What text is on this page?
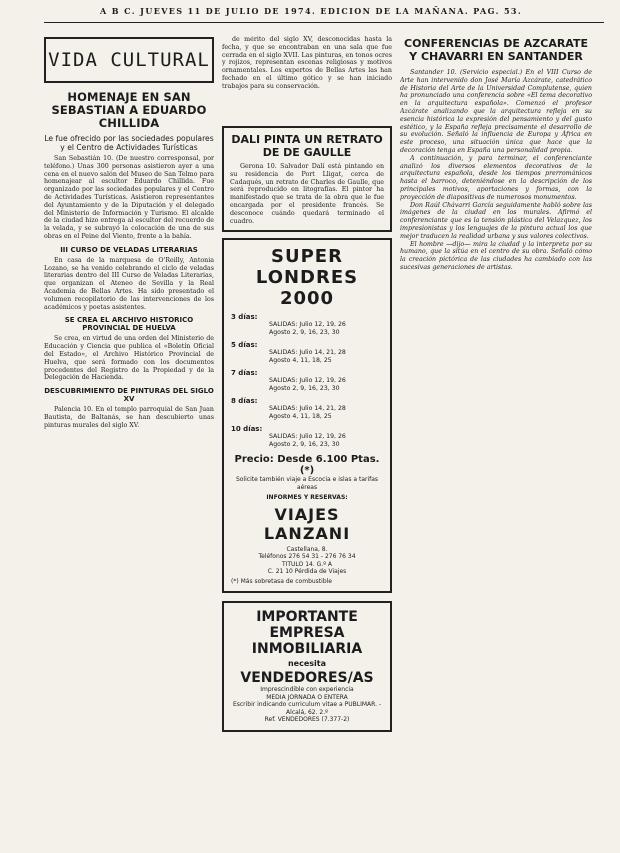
A B C. JUEVES 11 DE JULIO DE 1974. EDICION DE LA MAÑANA. PAG. 53.
VIDA CULTURAL
HOMENAJE EN SAN SEBASTIAN A EDUARDO CHILLIDA
Le fue ofrecido por las sociedades populares y el Centro de Actividades Turísticas

San Sebastián 10. (De nuestro corresponsal, por teléfono.) Unas 300 personas asistieron ayer a una cena en el nuevo salón del Museo de San Telmo para homenajear al escultor Eduardo Chillida. Fue organizado por las sociedades populares y el Centro de Actividades Turísticas. Asistieron representantes del Ayuntamiento y de la Diputación y el delegado del Ministerio de Información y Turismo. El alcalde de la ciudad hizo entrega al escultor del recuerdo de la velada, y se subrayó la colocación de una de sus obras en el Peine del Viento, frente a la bahía.

III CURSO DE VELADAS LITERARIAS

En casa de la marquesa de O'Reilly, Antonia Lozano, se ha venido celebrando el ciclo de veladas literarias dentro del III Curso de Veladas Literarias, que organizan el Ateneo de Sevilla y la Real Academia de Bellas Artes. Ha sido presentado el volumen recopilatorio de las intervenciones de los académicos y poetas asistentes.

SE CREA EL ARCHIVO HISTORICO PROVINCIAL DE HUELVA

Se crea, en virtud de una orden del Ministerio de Educación y Ciencia que publica el «Boletín Oficial del Estado», el Archivo Histórico Provincial de Huelva, que será formado con los documentos procedentes del Registro de la Propiedad y de la Delegación de Hacienda.

DESCUBRIMIENTO DE PINTURAS DEL SIGLO XV

Palencia 10. En el templo parroquial de San Juan Bautista, de Baltanás, se han descubierto unas pinturas murales del siglo XV.

de mérito del siglo XV, desconocidas hasta la fecha, y que se encontraban en una sala que fue cerrada en el siglo XVII. Las pinturas, en tonos ocres y rojizos, representan escenas religiosas y motivos ornamentales. Los expertos de Bellas Artes las han fechado en el último gótico y se han iniciado trabajos para su conservación.

DALI PINTA UN RETRATO DE DE GAULLE

Gerona 10. Salvador Dalí está pintando en su residencia de Port Lligat, cerca de Cadaqués, un retrato de Charles de Gaulle, que será reproducido en litografías. El pintor ha manifestado que se trata de la obra que le fue encargada por el presidente francés. Se desconoce cuándo quedará terminado el cuadro.

SUPER LONDRES
2000
3 días:
SALIDAS: Julio 12, 19, 26
Agosto 2, 9, 16, 23, 30
5 días:
SALIDAS: Julio 14, 21, 28
Agosto 4, 11, 18, 25
7 días:
SALIDAS: Julio 12, 19, 26
Agosto 2, 9, 16, 23, 30
8 días:
SALIDAS: Julio 14, 21, 28
Agosto 4, 11, 18, 25
10 días:
SALIDAS: Julio 12, 19, 26
Agosto 2, 9, 16, 23, 30
Precio: Desde 6.100 Ptas. (*)
Solicite también viaje a Escocia e islas a tarifas aéreas
INFORMES Y RESERVAS:
VIAJES LANZANI
Castellana, 8.
Teléfonos 276 54 31 - 276 76 34
TITULO 14. G.º A
C. 21 10 Pérdida de Viajes
(*) Más sobretasa de combustible
IMPORTANTE
EMPRESA INMOBILIARIA
necesita
VENDEDORES/AS
Imprescindible con experiencia
MEDIA JORNADA O ENTERA
Escribir indicando curriculum vitae a PUBLIMAR. - Alcalá, 62. 2.º
Ref. VENDEDORES (7.377-2)
CONFERENCIAS DE AZCARATE Y CHAVARRI EN SANTANDER

Santander 10. (Servicio especial.) En el VIII Curso de Arte han intervenido don José María Azcárate, catedrático de Historia del Arte de la Universidad Complutense, quien ha pronunciado una conferencia sobre «El tema decorativo en la arquitectura española». Comenzó el profesor Azcárate analizando que la arquitectura refleja en su esencia histórica la expresión del pensamiento y del gusto estético, y la España refleja precisamente el desarrollo de su evolución. Señaló la influencia de Europa y África en este proceso, una situación única que hace que la decoración tenga en España una personalidad propia.

A continuación, y para terminar, el conferenciante analizó los diversos elementos decorativos de la arquitectura española, desde los tiempos prerrománicos hasta el barroco, deteniéndose en la descripción de los principales motivos, aportaciones y formas, con la proyección de diapositivas de numerosos monumentos.

Don Raúl Chávarri García seguidamente habló sobre las imágenes de la ciudad en los murales. Afirmó el conferenciante que es la tensión plástica del Velazquez, los impresionistas y los lenguajes de la pintura actual los que mejor traducen la realidad urbana y sus valores colectivos.

El hombre —dijo— mira la ciudad y la interpreta por su humano, que la sitúa en el centro de su obra. Señaló cómo la creación pictórica de las ciudades ha cambiado con las sucesivas generaciones de artistas.
